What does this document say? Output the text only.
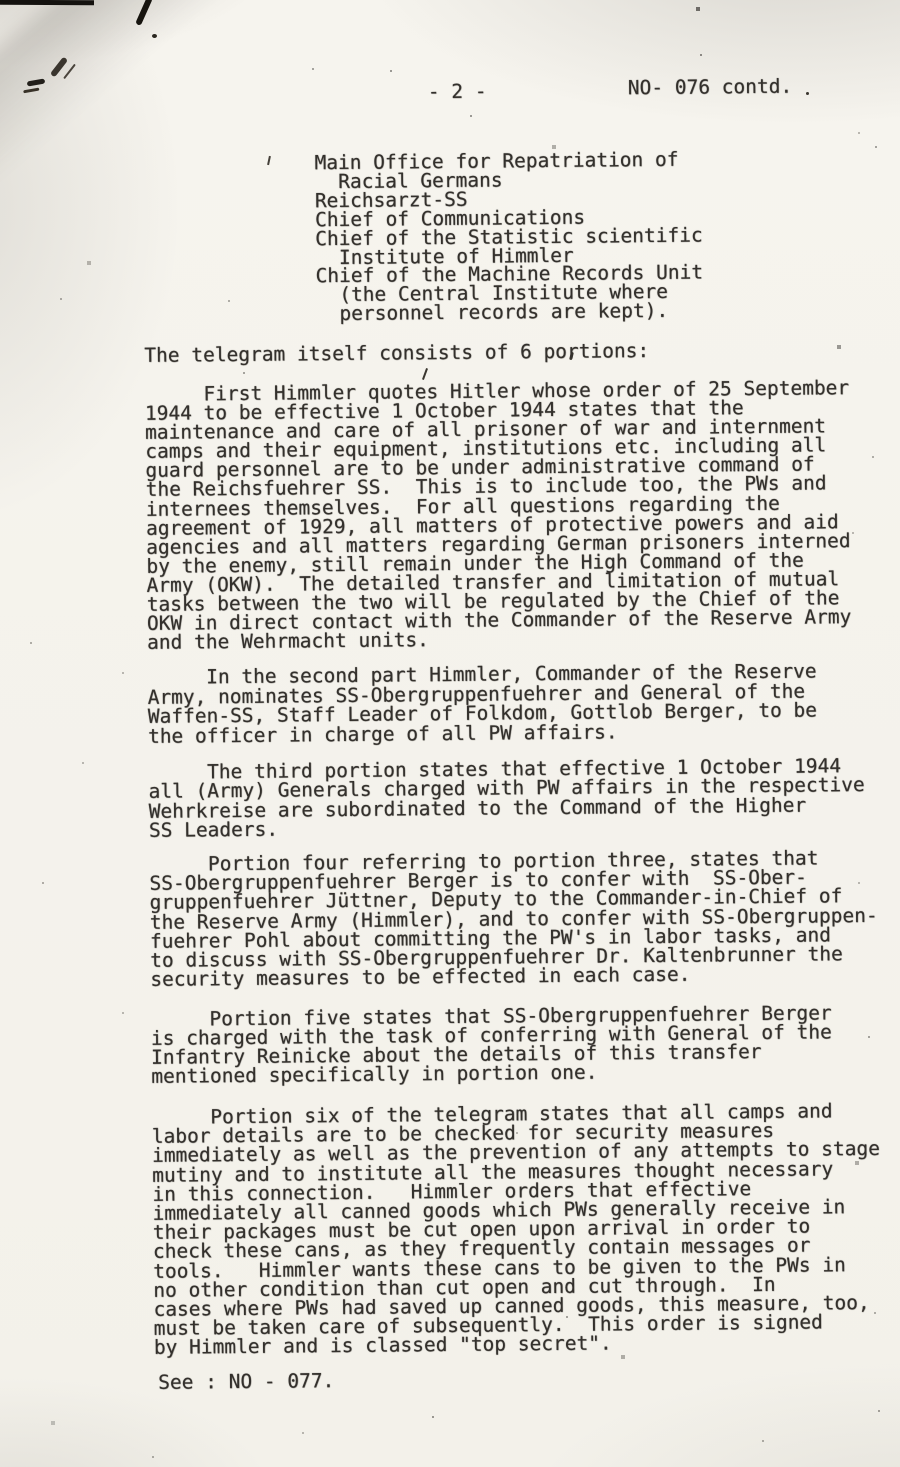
- 2 -	NO- 076 contd.
Main Office for Repatriation of
Racial Germans
Reichsarzt-SS
Chief of Communications
Chief of the Statistic scientific
Institute of Himmler
Chief of the Machine Records Unit
(the Central Institute where
personnel records are kept).
The telegram itself consists of 6 portions:
First Himmler quotes Hitler whose order of 25 September
1944 to be effective 1 October 1944 states that the
maintenance and care of all prisoner of war and internment
camps and their equipment, institutions etc. including all
guard personnel are to be under administrative command of
the Reichsfuehrer SS.  This is to include too, the PWs and
internees themselves.  For all questions regarding the
agreement of 1929, all matters of protective powers and aid
agencies and all matters regarding German prisoners interned
by the enemy, still remain under the High Command of the
Army (OKW).  The detailed transfer and limitation of mutual
tasks between the two will be regulated by the Chief of the
OKW in direct contact with the Commander of the Reserve Army
and the Wehrmacht units.
In the second part Himmler, Commander of the Reserve
Army, nominates SS-Obergruppenfuehrer and General of the
Waffen-SS, Staff Leader of Folkdom, Gottlob Berger, to be
the officer in charge of all PW affairs.
The third portion states that effective 1 October 1944
all (Army) Generals charged with PW affairs in the respective
Wehrkreise are subordinated to the Command of the Higher
SS Leaders.
Portion four referring to portion three, states that
SS-Obergruppenfuehrer Berger is to confer with  SS-Ober-
gruppenfuehrer Jüttner, Deputy to the Commander-in-Chief of
the Reserve Army (Himmler), and to confer with SS-Obergruppen-
fuehrer Pohl about committing the PW's in labor tasks, and
to discuss with SS-Obergruppenfuehrer Dr. Kaltenbrunner the
security measures to be effected in each case.
Portion five states that SS-Obergruppenfuehrer Berger
is charged with the task of conferring with General of the
Infantry Reinicke about the details of this transfer
mentioned specifically in portion one.
Portion six of the telegram states that all camps and
labor details are to be checked for security measures
immediately as well as the prevention of any attempts to stage
mutiny and to institute all the measures thought necessary
in this connection.   Himmler orders that effective
immediately all canned goods which PWs generally receive in
their packages must be cut open upon arrival in order to
check these cans, as they frequently contain messages or
tools.   Himmler wants these cans to be given to the PWs in
no other condition than cut open and cut through.  In
cases where PWs had saved up canned goods, this measure, too,
must be taken care of subsequently.  This order is signed
by Himmler and is classed "top secret".
See : NO - 077.
